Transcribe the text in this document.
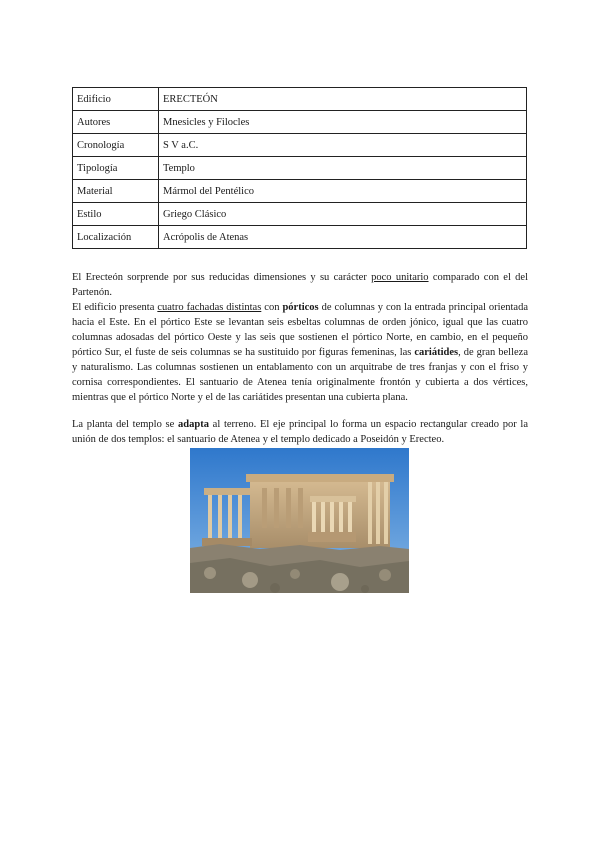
Edificio	ERECTEÓN
Autores	Mnesicles y Filocles
Cronología	S V a.C.
Tipología	Templo
Material	Mármol del Pentélico
Estilo	Griego Clásico
Localización	Acrópolis de Atenas

El Erecteón sorprende por sus reducidas dimensiones y su carácter poco unitario comparado con el del Partenón.

El edificio presenta cuatro fachadas distintas con pórticos de columnas y con la entrada principal orientada hacia el Este. En el pórtico Este se levantan seis esbeltas columnas de orden jónico, igual que las cuatro columnas adosadas del pórtico Oeste y las seis que sostienen el pórtico Norte, en cambio, en el pequeño pórtico Sur, el fuste de seis columnas se ha sustituido por figuras femeninas, las cariátides, de gran belleza y naturalismo. Las columnas sostienen un entablamento con un arquitrabe de tres franjas y con el friso y cornisa correspondientes. El santuario de Atenea tenía originalmente frontón y cubierta a dos vértices, mientras que el pórtico Norte y el de las cariátides presentan una cubierta plana.

La planta del templo se adapta al terreno. El eje principal lo forma un espacio rectangular creado por la unión de dos templos: el santuario de Atenea y el templo dedicado a Poseidón y Erecteo.
